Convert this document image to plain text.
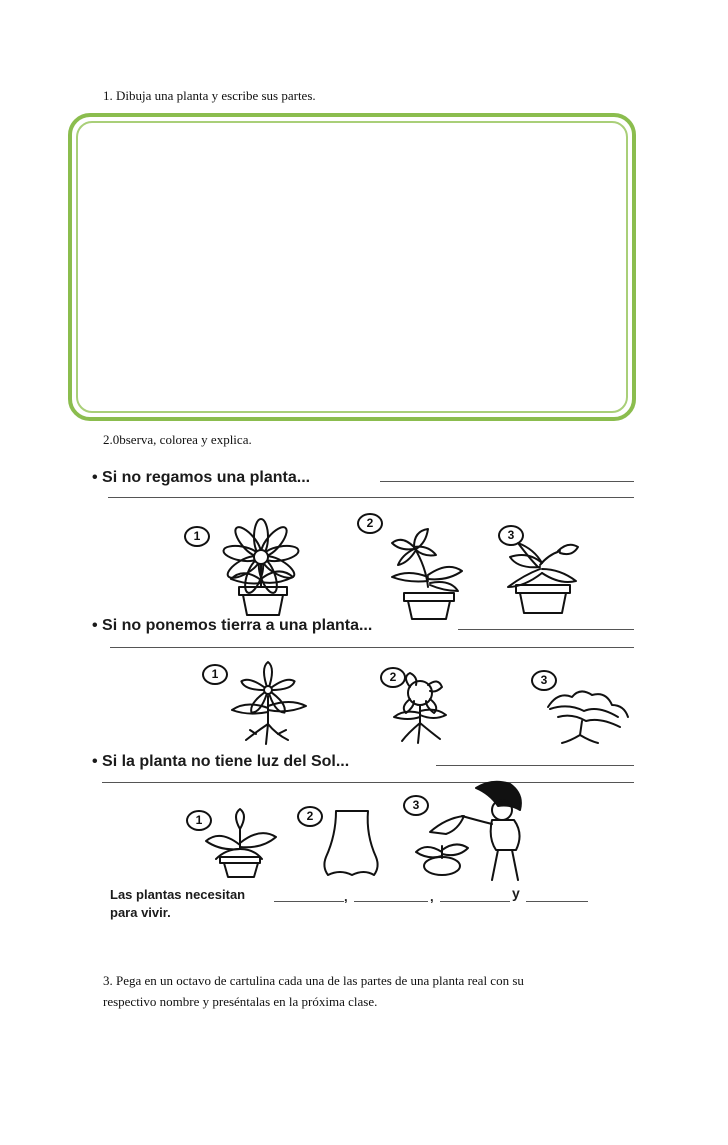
1. Dibuja una planta y escribe sus partes.
2.0bserva, colorea y explica.
• Si no regamos una planta...
1
2
3
• Si no ponemos tierra a una planta...
1	2	3
• Si la planta no tiene luz del Sol...
1	2
3
Las plantas necesitan	,	,	y
para vivir.
3. Pega en un octavo de cartulina cada una de las partes de una planta real con su
respectivo nombre y preséntalas en la próxima clase.
